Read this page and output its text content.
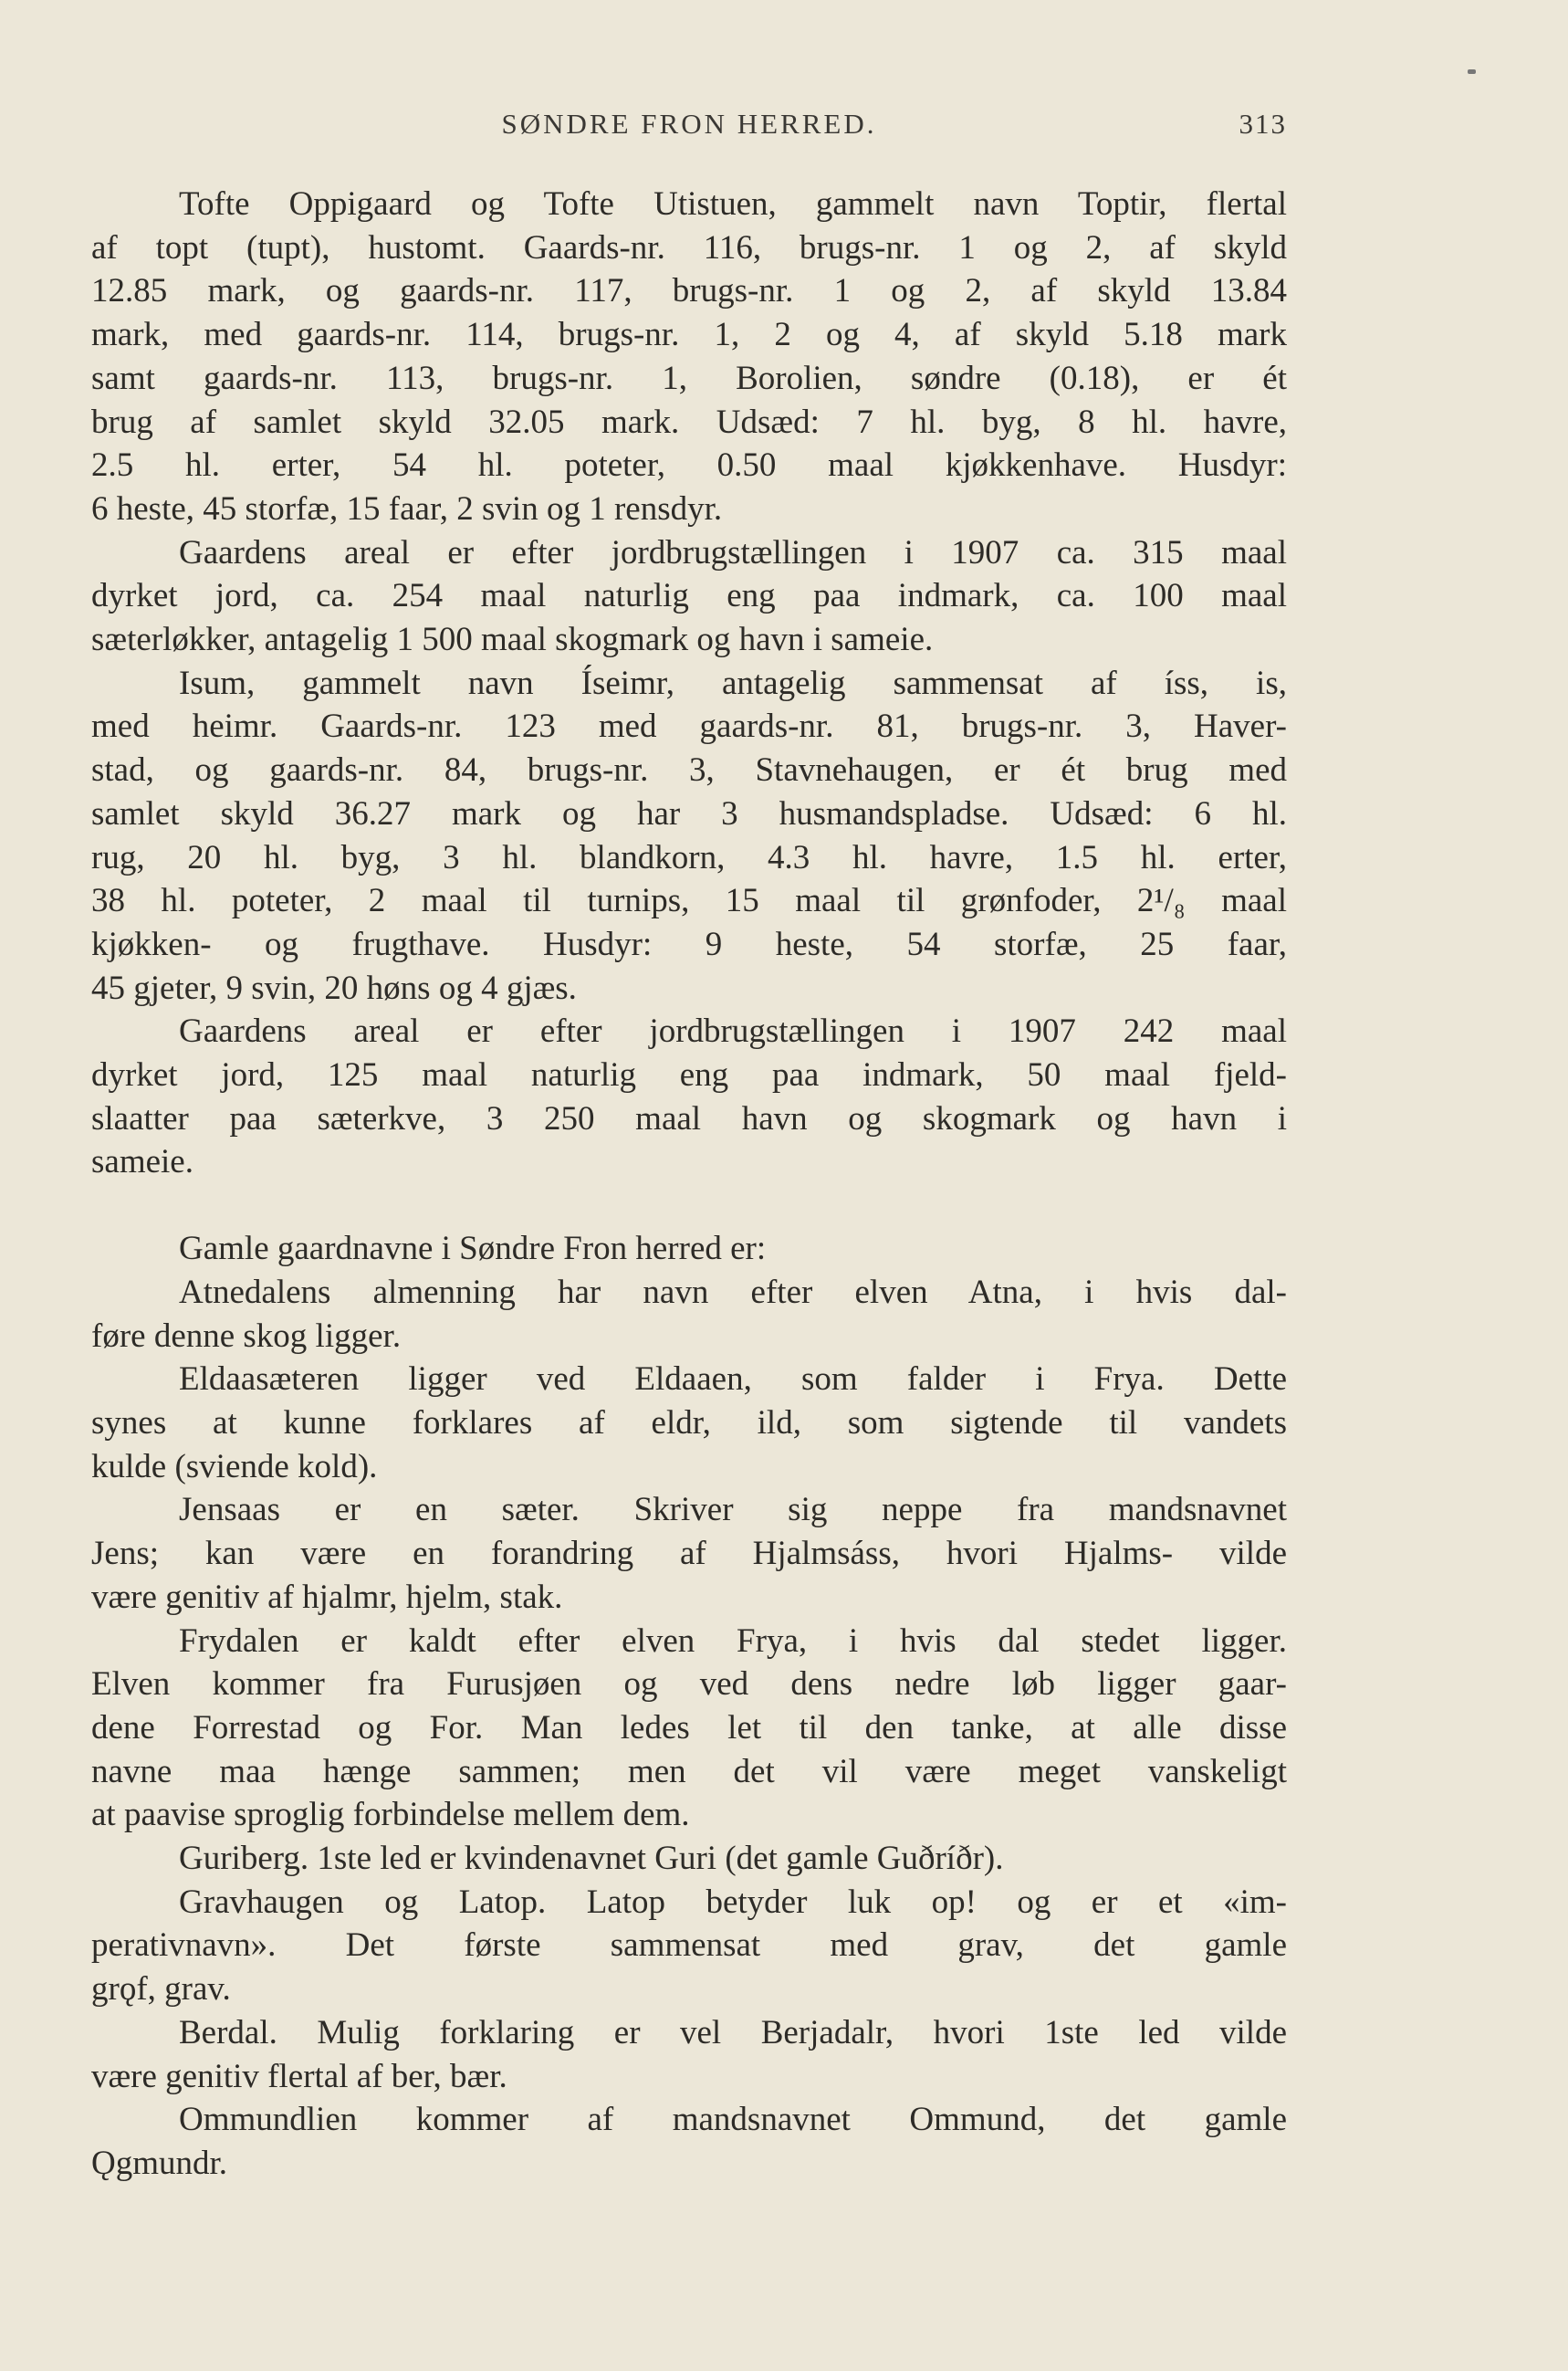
SØNDRE FRON HERRED.	313
Tofte Oppigaard og Tofte Utistuen, gammelt navn Toptir, flertal
af topt (tupt), hustomt. Gaards-nr. 116, brugs-nr. 1 og 2, af skyld
12.85 mark, og gaards-nr. 117, brugs-nr. 1 og 2, af skyld 13.84
mark, med gaards-nr. 114, brugs-nr. 1, 2 og 4, af skyld 5.18 mark
samt gaards-nr. 113, brugs-nr. 1, Borolien, søndre (0.18), er ét
brug af samlet skyld 32.05 mark. Udsæd: 7 hl. byg, 8 hl. havre,
2.5 hl. erter, 54 hl. poteter, 0.50 maal kjøkkenhave. Husdyr:
6 heste, 45 storfæ, 15 faar, 2 svin og 1 rensdyr.
Gaardens areal er efter jordbrugstællingen i 1907 ca. 315 maal
dyrket jord, ca. 254 maal naturlig eng paa indmark, ca. 100 maal
sæterløkker, antagelig 1 500 maal skogmark og havn i sameie.
Isum, gammelt navn Íseimr, antagelig sammensat af íss, is,
med heimr. Gaards-nr. 123 med gaards-nr. 81, brugs-nr. 3, Haver-
stad, og gaards-nr. 84, brugs-nr. 3, Stavnehaugen, er ét brug med
samlet skyld 36.27 mark og har 3 husmandspladse. Udsæd: 6 hl.
rug, 20 hl. byg, 3 hl. blandkorn, 4.3 hl. havre, 1.5 hl. erter,
38 hl. poteter, 2 maal til turnips, 15 maal til grønfoder, 2¹/₈ maal
kjøkken- og frugthave. Husdyr: 9 heste, 54 storfæ, 25 faar,
45 gjeter, 9 svin, 20 høns og 4 gjæs.
Gaardens areal er efter jordbrugstællingen i 1907 242 maal
dyrket jord, 125 maal naturlig eng paa indmark, 50 maal fjeld-
slaatter paa sæterkve, 3 250 maal havn og skogmark og havn i
sameie.
Gamle gaardnavne i Søndre Fron herred er:
Atnedalens almenning har navn efter elven Atna, i hvis dal-
føre denne skog ligger.
Eldaasæteren ligger ved Eldaaen, som falder i Frya. Dette
synes at kunne forklares af eldr, ild, som sigtende til vandets
kulde (sviende kold).
Jensaas er en sæter. Skriver sig neppe fra mandsnavnet
Jens; kan være en forandring af Hjalmsáss, hvori Hjalms- vilde
være genitiv af hjalmr, hjelm, stak.
Frydalen er kaldt efter elven Frya, i hvis dal stedet ligger.
Elven kommer fra Furusjøen og ved dens nedre løb ligger gaar-
dene Forrestad og For. Man ledes let til den tanke, at alle disse
navne maa hænge sammen; men det vil være meget vanskeligt
at paavise sproglig forbindelse mellem dem.
Guriberg. 1ste led er kvindenavnet Guri (det gamle Guðríðr).
Gravhaugen og Latop. Latop betyder luk op! og er et «im-
perativnavn». Det første sammensat med grav, det gamle
grǫf, grav.
Berdal. Mulig forklaring er vel Berjadalr, hvori 1ste led vilde
være genitiv flertal af ber, bær.
Ommundlien kommer af mandsnavnet Ommund, det gamle
Ǫgmundr.
